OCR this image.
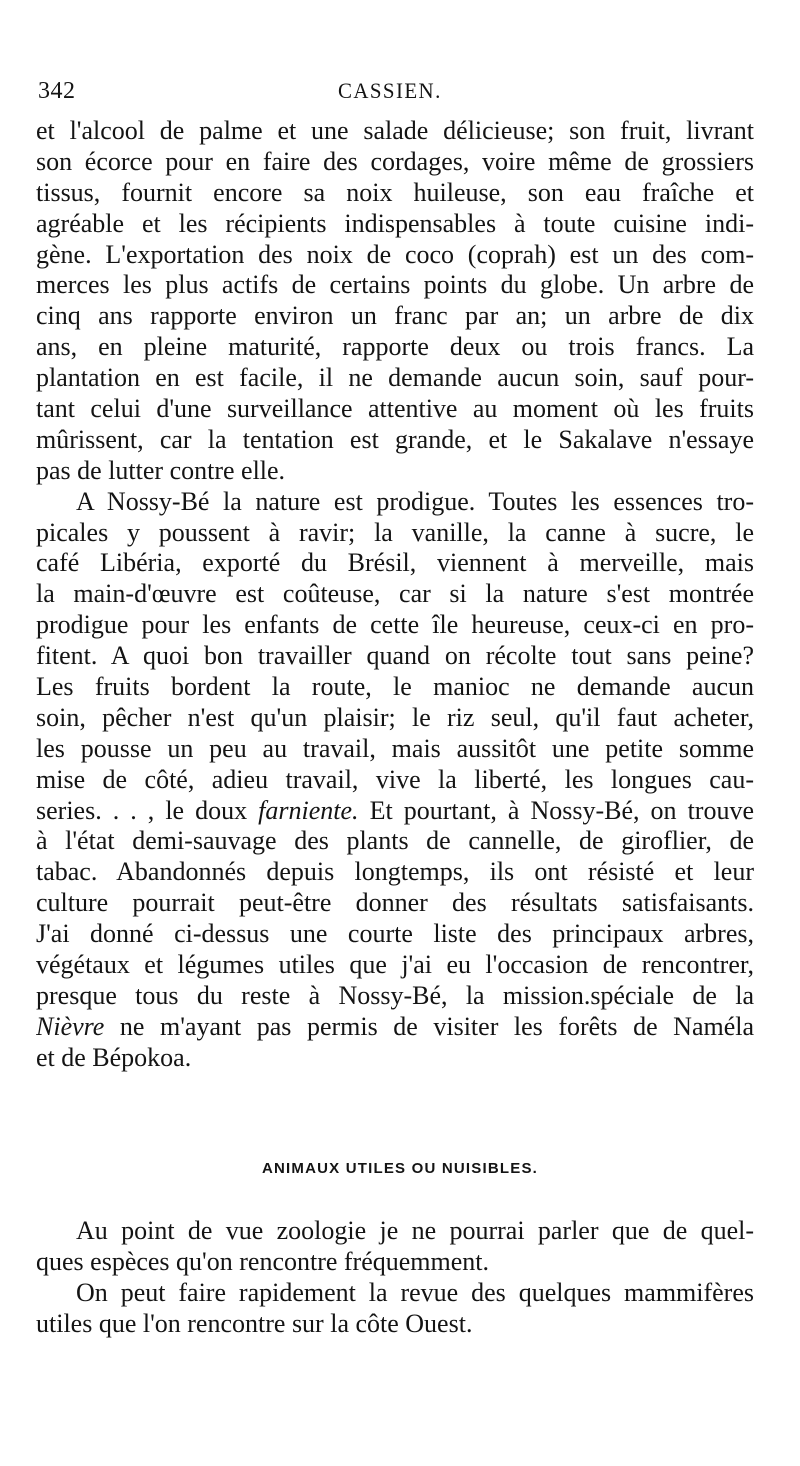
342	CASSIEN.
et l'alcool de palme et une salade délicieuse; son fruit, livrant
son écorce pour en faire des cordages, voire même de grossiers
tissus, fournit encore sa noix huileuse, son eau fraîche et
agréable et les récipients indispensables à toute cuisine indi-
gène. L'exportation des noix de coco (coprah) est un des com-
merces les plus actifs de certains points du globe. Un arbre de
cinq ans rapporte environ un franc par an; un arbre de dix
ans, en pleine maturité, rapporte deux ou trois francs. La
plantation en est facile, il ne demande aucun soin, sauf pour-
tant celui d'une surveillance attentive au moment où les fruits
mûrissent, car la tentation est grande, et le Sakalave n'essaye
pas de lutter contre elle.
A Nossy-Bé la nature est prodigue. Toutes les essences tro-
picales y poussent à ravir; la vanille, la canne à sucre, le
café Libéria, exporté du Brésil, viennent à merveille, mais
la main-d'œuvre est coûteuse, car si la nature s'est montrée
prodigue pour les enfants de cette île heureuse, ceux-ci en pro-
fitent. A quoi bon travailler quand on récolte tout sans peine?
Les fruits bordent la route, le manioc ne demande aucun
soin, pêcher n'est qu'un plaisir; le riz seul, qu'il faut acheter,
les pousse un peu au travail, mais aussitôt une petite somme
mise de côté, adieu travail, vive la liberté, les longues cau-
series. . . , le doux farniente. Et pourtant, à Nossy-Bé, on trouve
à l'état demi-sauvage des plants de cannelle, de giroflier, de
tabac. Abandonnés depuis longtemps, ils ont résisté et leur
culture pourrait peut-être donner des résultats satisfaisants.
J'ai donné ci-dessus une courte liste des principaux arbres,
végétaux et légumes utiles que j'ai eu l'occasion de rencontrer,
presque tous du reste à Nossy-Bé, la mission.spéciale de la
Nièvre ne m'ayant pas permis de visiter les forêts de Naméla
et de Bépokoa.
ANIMAUX UTILES OU NUISIBLES.
Au point de vue zoologie je ne pourrai parler que de quel-
ques espèces qu'on rencontre fréquemment.
On peut faire rapidement la revue des quelques mammifères
utiles que l'on rencontre sur la côte Ouest.
